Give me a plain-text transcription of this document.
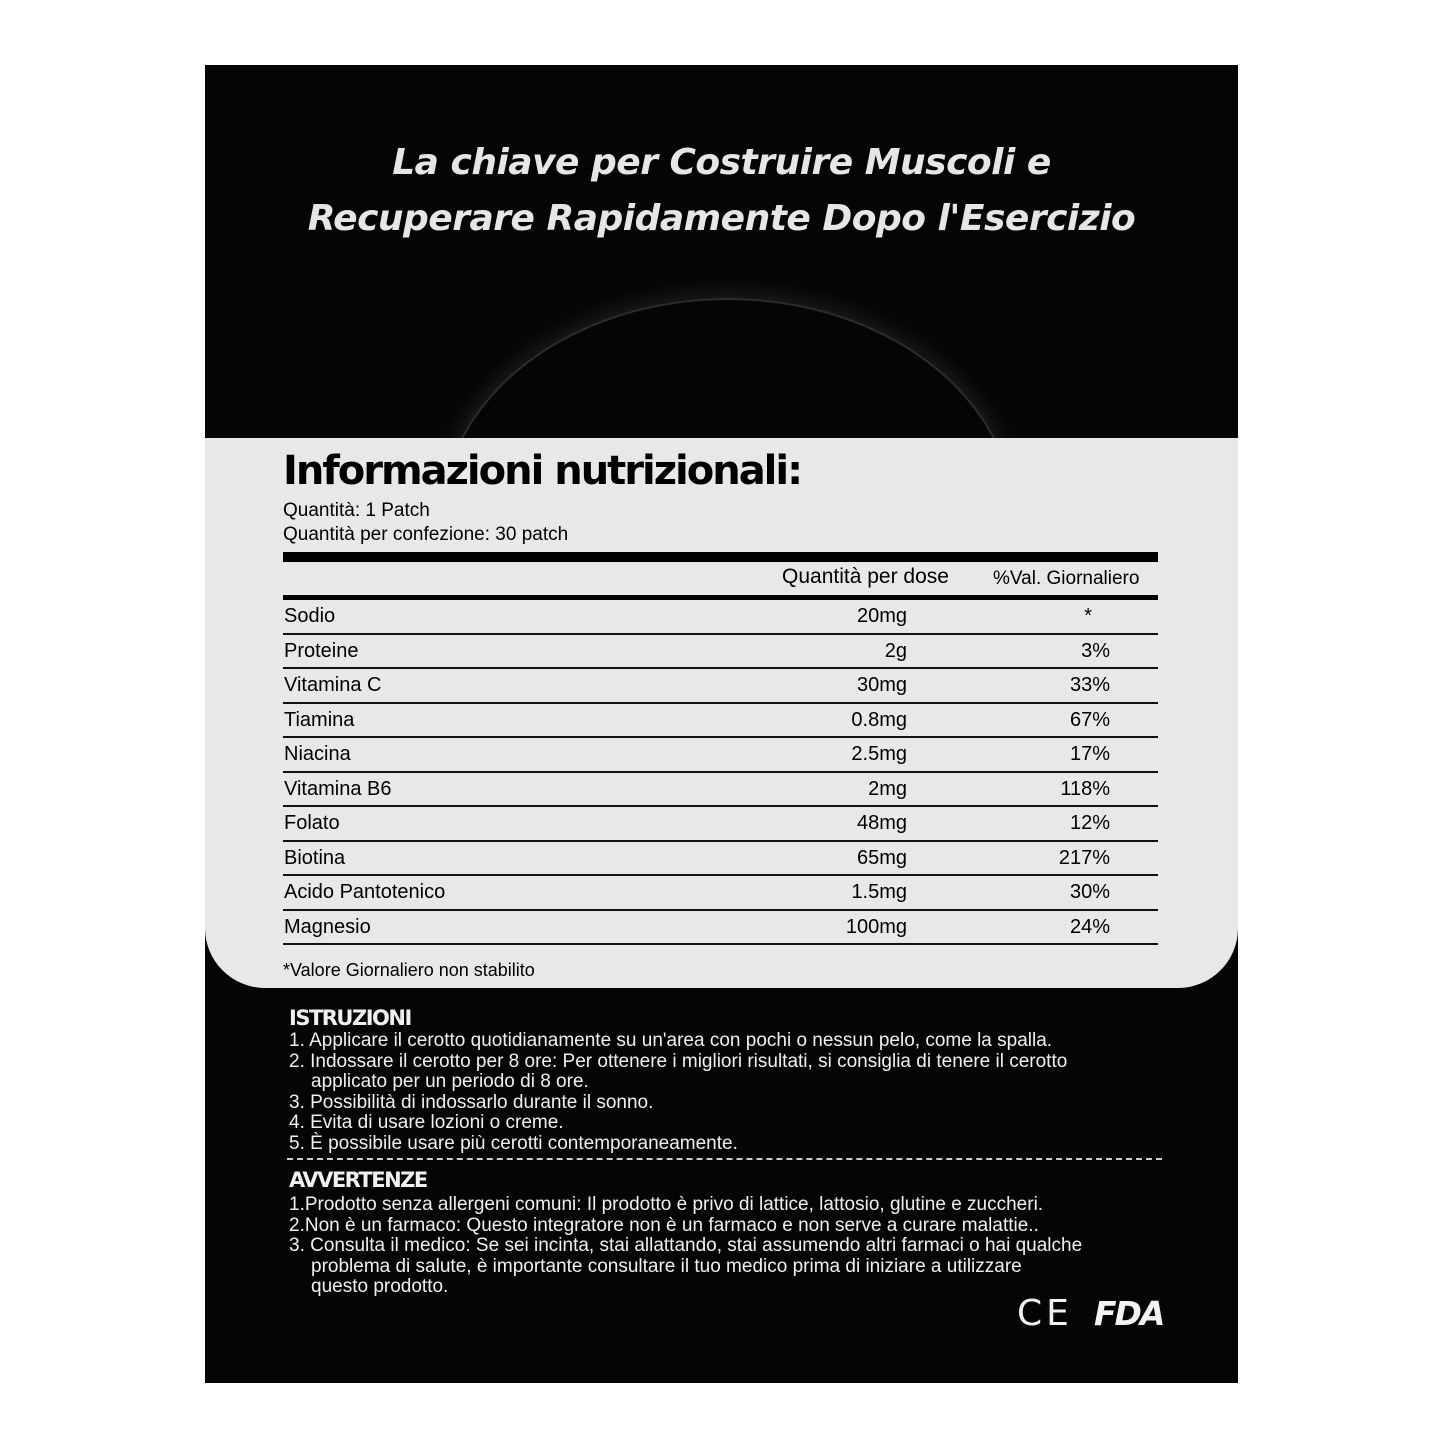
La chiave per Costruire Muscoli e
Recuperare Rapidamente Dopo l'Esercizio
Informazioni nutrizionali:
Quantità: 1 Patch
Quantità per confezione: 30 patch
Quantità per dose %Val. Giornaliero
Sodio	20mg	*
Proteine	2g	3%
Vitamina C	30mg	33%
Tiamina	0.8mg	67%
Niacina	2.5mg	17%
Vitamina B6	2mg	118%
Folato	48mg	12%
Biotina	65mg	217%
Acido Pantotenico	1.5mg	30%
Magnesio	100mg	24%
*Valore Giornaliero non stabilito
ISTRUZIONI
1. Applicare il cerotto quotidianamente su un'area con pochi o nessun pelo, come la spalla.
2. Indossare il cerotto per 8 ore: Per ottenere i migliori risultati, si consiglia di tenere il cerotto
applicato per un periodo di 8 ore.
3. Possibilità di indossarlo durante il sonno.
4. Evita di usare lozioni o creme.
5. È possibile usare più cerotti contemporaneamente.
AVVERTENZE
1.Prodotto senza allergeni comuni: Il prodotto è privo di lattice, lattosio, glutine e zuccheri.
2.Non è un farmaco: Questo integratore non è un farmaco e non serve a curare malattie..
3. Consulta il medico: Se sei incinta, stai allattando, stai assumendo altri farmaci o hai qualche
problema di salute, è importante consultare il tuo medico prima di iniziare a utilizzare
questo prodotto.
CE FDA
